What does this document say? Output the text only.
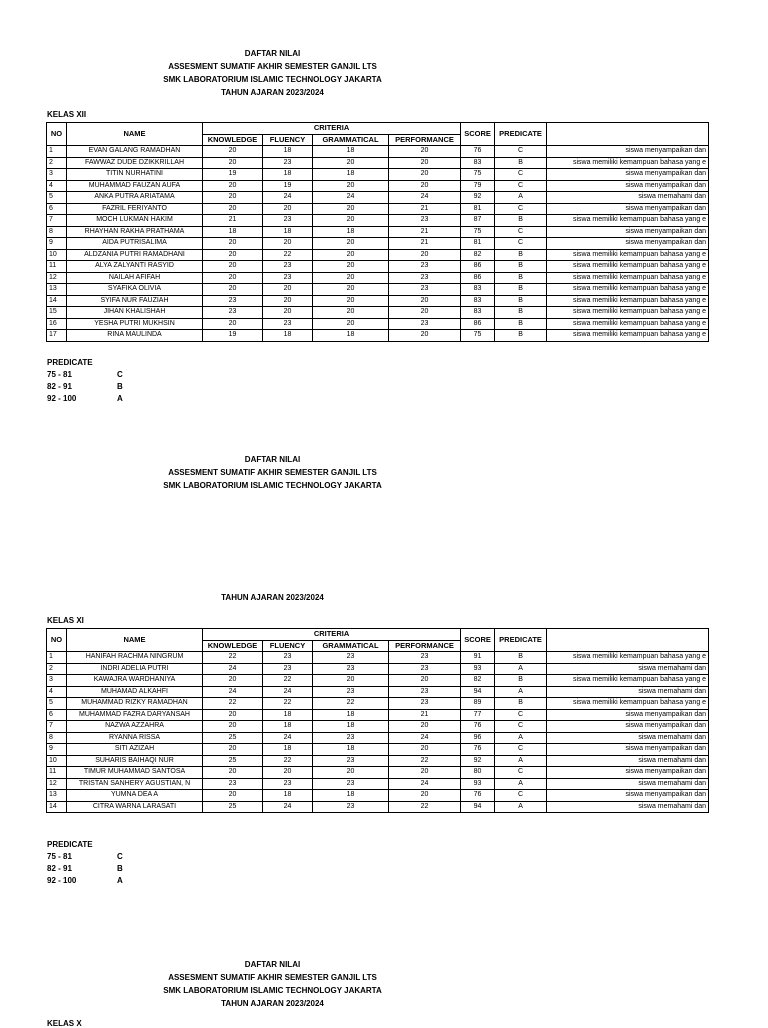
DAFTAR NILAI
ASSESMENT SUMATIF AKHIR SEMESTER GANJIL LTS
SMK LABORATORIUM ISLAMIC TECHNOLOGY JAKARTA
TAHUN AJARAN 2023/2024
KELAS XII
NO	NAME	CRITERIA				SCORE	PREDICATE	
		KNOWLEDGE	FLUENCY	GRAMMATICAL	PERFORMANCE			
1	EVAN GALANG RAMADHAN	20	18	18	20	76	C	siswa menyampaikan dan
2	FAWWAZ DUDE DZIKKRILLAH	20	23	20	20	83	B	siswa memiliki kemampuan bahasa yang e
3	TITIN NURHATINI	19	18	18	20	75	C	siswa menyampaikan dan
4	MUHAMMAD FAUZAN AUFA	20	19	20	20	79	C	siswa menyampaikan dan
5	ANKA PUTRA ARIATAMA	20	24	24	24	92	A	siswa memahami dan
6	FAZRIL FERIYANTO	20	20	20	21	81	C	siswa menyampaikan dan
7	MOCH LUKMAN HAKIM	21	23	20	23	87	B	siswa memiliki kemampuan bahasa yang e
8	RHAYHAN RAKHA PRATHAMA	18	18	18	21	75	C	siswa menyampaikan dan
9	AIDA PUTRISALIMA	20	20	20	21	81	C	siswa menyampaikan dan
10	ALDZANIA PUTRI RAMADHANI	20	22	20	20	82	B	siswa memiliki kemampuan bahasa yang e
11	ALYA ZALYANTI RASYID	20	23	20	23	86	B	siswa memiliki kemampuan bahasa yang e
12	NAILAH AFIFAH	20	23	20	23	86	B	siswa memiliki kemampuan bahasa yang e
13	SYAFIKA OLIVIA	20	20	20	23	83	B	siswa memiliki kemampuan bahasa yang e
14	SYIFA NUR FAUZIAH	23	20	20	20	83	B	siswa memiliki kemampuan bahasa yang e
15	JIHAN KHALISHAH	23	20	20	20	83	B	siswa memiliki kemampuan bahasa yang e
16	YESHA PUTRI MUKHSIN	20	23	20	23	86	B	siswa memiliki kemampuan bahasa yang e
17	RINA MAULINDA	19	18	18	20	75	B	siswa memiliki kemampuan bahasa yang e
PREDICATE
75 - 81	C
82 - 91	B
92 - 100	A
DAFTAR NILAI
ASSESMENT SUMATIF AKHIR SEMESTER GANJIL LTS
SMK LABORATORIUM ISLAMIC TECHNOLOGY JAKARTA
TAHUN AJARAN 2023/2024
KELAS XI
NO	NAME	CRITERIA				SCORE	PREDICATE	
		KNOWLEDGE	FLUENCY	GRAMMATICAL	PERFORMANCE			
1	HANIFAH RACHMA NINGRUM	22	23	23	23	91	B	siswa memiliki kemampuan bahasa yang e
2	INDRI ADELIA PUTRI	24	23	23	23	93	A	siswa memahami dan
3	KAWAJRA WARDHANIYA	20	22	20	20	82	B	siswa memiliki kemampuan bahasa yang e
4	MUHAMAD ALKAHFI	24	24	23	23	94	A	siswa memahami dan
5	MUHAMMAD RIZKY RAMADHAN	22	22	22	23	89	B	siswa memiliki kemampuan bahasa yang e
6	MUHAMMAD FAZRA DARYANSAH	20	18	18	21	77	C	siswa menyampaikan dan
7	NAZWA AZZAHRA	20	18	18	20	76	C	siswa menyampaikan dan
8	RYANNA RISSA	25	24	23	24	96	A	siswa memahami dan
9	SITI AZIZAH	20	18	18	20	76	C	siswa menyampaikan dan
10	SUHARIS BAIHAQI NUR	25	22	23	22	92	A	siswa memahami dan
11	TIMUR MUHAMMAD SANTOSA	20	20	20	20	80	C	siswa menyampaikan dan
12	TRISTAN SANHERY AGUSTIAN, N	23	23	23	24	93	A	siswa memahami dan
13	YUMNA DEA A	20	18	18	20	76	C	siswa menyampaikan dan
14	CITRA WARNA LARASATI	25	24	23	22	94	A	siswa memahami dan
PREDICATE
75 - 81	C
82 - 91	B
92 - 100	A
DAFTAR NILAI
ASSESMENT SUMATIF AKHIR SEMESTER GANJIL LTS
SMK LABORATORIUM ISLAMIC TECHNOLOGY JAKARTA
TAHUN AJARAN 2023/2024
KELAS X
